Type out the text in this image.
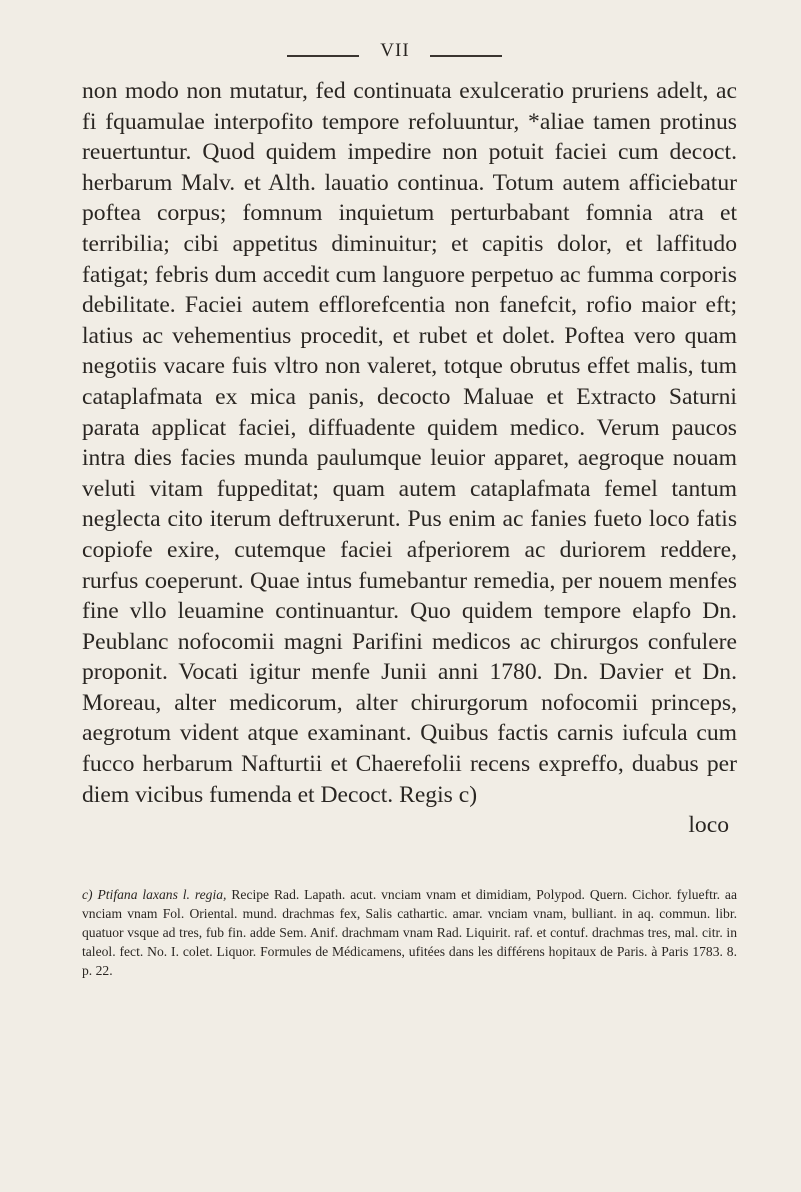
VII

non modo non mutatur, fed continuata exulceratio pruriens adelt, ac fi fquamulae interpofito tempore refoluuntur, *aliae tamen protinus reuertuntur. Quod quidem impedire non potuit faciei cum decoct. herbarum Malv. et Alth. lauatio continua. Totum autem afficiebatur poftea corpus; fomnum inquietum perturbabant fomnia atra et terribilia; cibi appetitus diminuitur; et capitis dolor, et laffitudo fatigat; febris dum accedit cum languore perpetuo ac fumma corporis debilitate. Faciei autem efflorefcentia non fanefcit, rofio maior eft; latius ac vehementius procedit, et rubet et dolet. Poftea vero quam negotiis vacare fuis vltro non valeret, totque obrutus effet malis, tum cataplafmata ex mica panis, decocto Maluae et Extracto Saturni parata applicat faciei, diffuadente quidem medico. Verum paucos intra dies facies munda paulumque leuior apparet, aegroque nouam veluti vitam fuppeditat; quam autem cataplafmata femel tantum neglecta cito iterum deftruxerunt. Pus enim ac fanies fueto loco fatis copiofe exire, cutemque faciei afperiorem ac duriorem reddere, rurfus coeperunt. Quae intus fumebantur remedia, per nouem menfes fine vllo leuamine continuantur. Quo quidem tempore elapfo Dn. Peublanc nofocomii magni Parifini medicos ac chirurgos confulere proponit. Vocati igitur menfe Junii anni 1780. Dn. Davier et Dn. Moreau, alter medicorum, alter chirurgorum nofocomii princeps, aegrotum vident atque examinant. Quibus factis carnis iufcula cum fucco herbarum Nafturtii et Chaerefolii recens expreffo, duabus per diem vicibus fumenda et Decoct. Regis c)

loco

c) Ptifana laxans l. regia, Recipe Rad. Lapath. acut. vnciam vnam et dimidiam, Polypod. Quern. Cichor. fylueftr. aa vnciam vnam Fol. Oriental. mund. drachmas fex, Salis cathartic. amar. vnciam vnam, bulliant. in aq. commun. libr. quatuor vsque ad tres, fub fin. adde Sem. Anif. drachmam vnam Rad. Liquirit. raf. et contuf. drachmas tres, mal. citr. in taleol. fect. No. I. colet. Liquor. Formules de Médicamens, ufitées dans les différens hopitaux de Paris. à Paris 1783. 8. p. 22.
